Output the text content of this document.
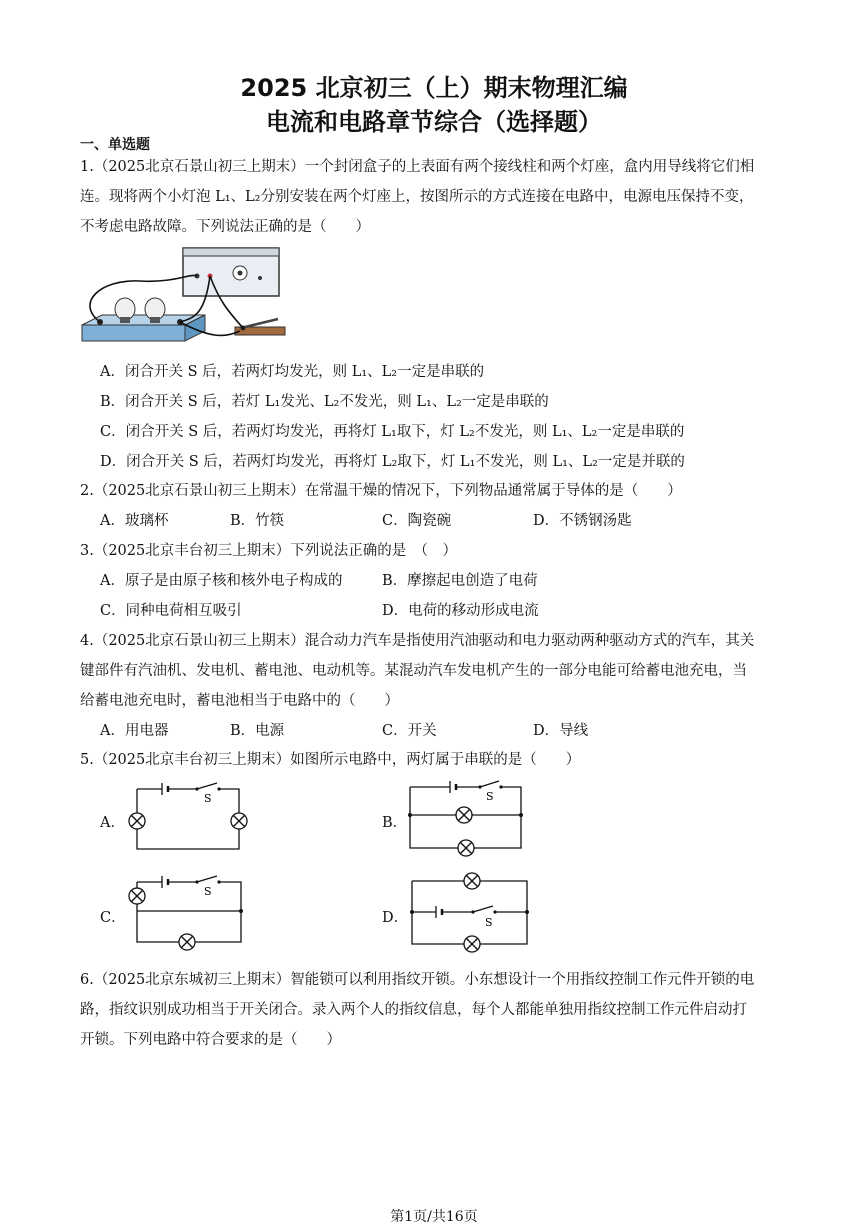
2025 北京初三（上）期末物理汇编
电流和电路章节综合（选择题）
一、单选题
1.（2025北京石景山初三上期末）一个封闭盒子的上表面有两个接线柱和两个灯座，盒内用导线将它们相
连。现将两个小灯泡 L₁、L₂分别安装在两个灯座上，按图所示的方式连接在电路中，电源电压保持不变，
不考虑电路故障。下列说法正确的是（　　）
A．闭合开关 S 后，若两灯均发光，则 L₁、L₂一定是串联的
B．闭合开关 S 后，若灯 L₁发光、L₂不发光，则 L₁、L₂一定是串联的
C．闭合开关 S 后，若两灯均发光，再将灯 L₁取下，灯 L₂不发光，则 L₁、L₂一定是串联的
D．闭合开关 S 后，若两灯均发光，再将灯 L₂取下，灯 L₁不发光，则 L₁、L₂一定是并联的
2.（2025北京石景山初三上期末）在常温干燥的情况下，下列物品通常属于导体的是（　　）
A．玻璃杯	B．竹筷	C．陶瓷碗	D．不锈钢汤匙
3.（2025北京丰台初三上期末）下列说法正确的是　（　）
A．原子是由原子核和核外电子构成的	B．摩擦起电创造了电荷
C．同种电荷相互吸引	D．电荷的移动形成电流
4.（2025北京石景山初三上期末）混合动力汽车是指使用汽油驱动和电力驱动两种驱动方式的汽车，其关
键部件有汽油机、发电机、蓄电池、电动机等。某混动汽车发电机产生的一部分电能可给蓄电池充电，当
给蓄电池充电时，蓄电池相当于电路中的（　　）
A．用电器	B．电源	C．开关	D．导线
5.（2025北京丰台初三上期末）如图所示电路中，两灯属于串联的是（　　）
A．
S
B．
S
C．
S
D．	S
6.（2025北京东城初三上期末）智能锁可以利用指纹开锁。小东想设计一个用指纹控制工作元件开锁的电
路，指纹识别成功相当于开关闭合。录入两个人的指纹信息，每个人都能单独用指纹控制工作元件启动打
开锁。下列电路中符合要求的是（　　）
第1页/共16页
